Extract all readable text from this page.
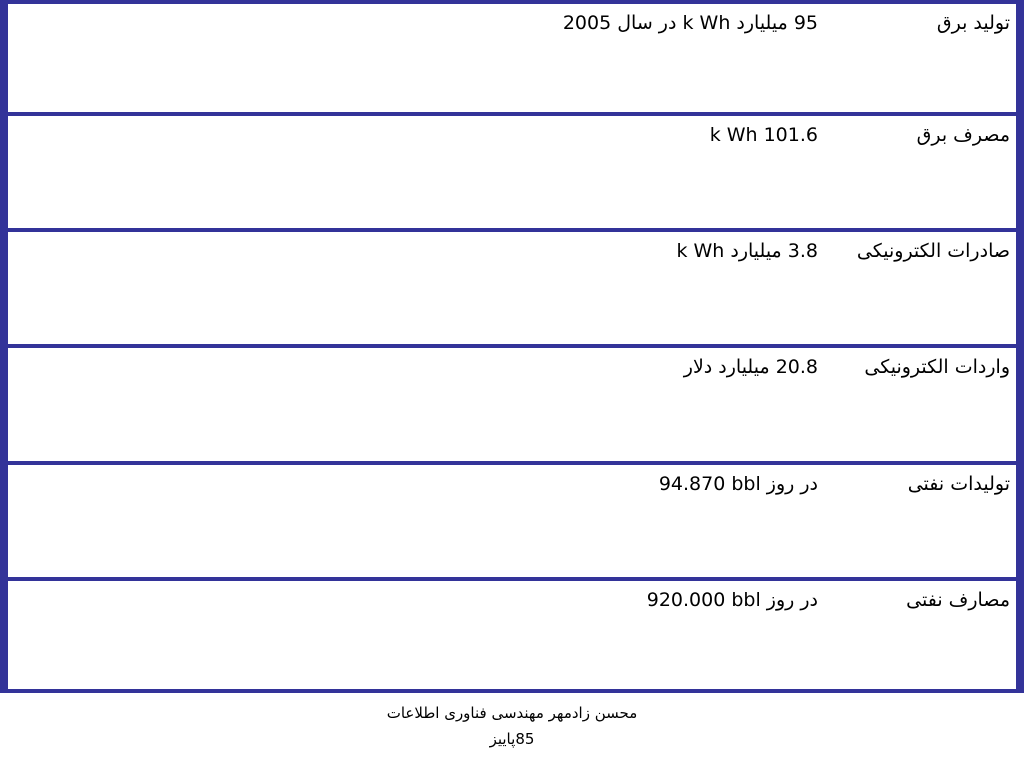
95 میلیارد k Wh در سال 2005	تولید برق

k Wh 101.6	مصرف برق

3.8 میلیارد k Wh	صادرات الکترونیکی

20.8 میلیارد دلار	واردات الکترونیکی

94.870 bbl در روز	تولیدات نفتی

920.000 bbl در روز	مصارف نفتی
محسن زادمهر مهندسی فناوری اطلاعات
85پاییز
